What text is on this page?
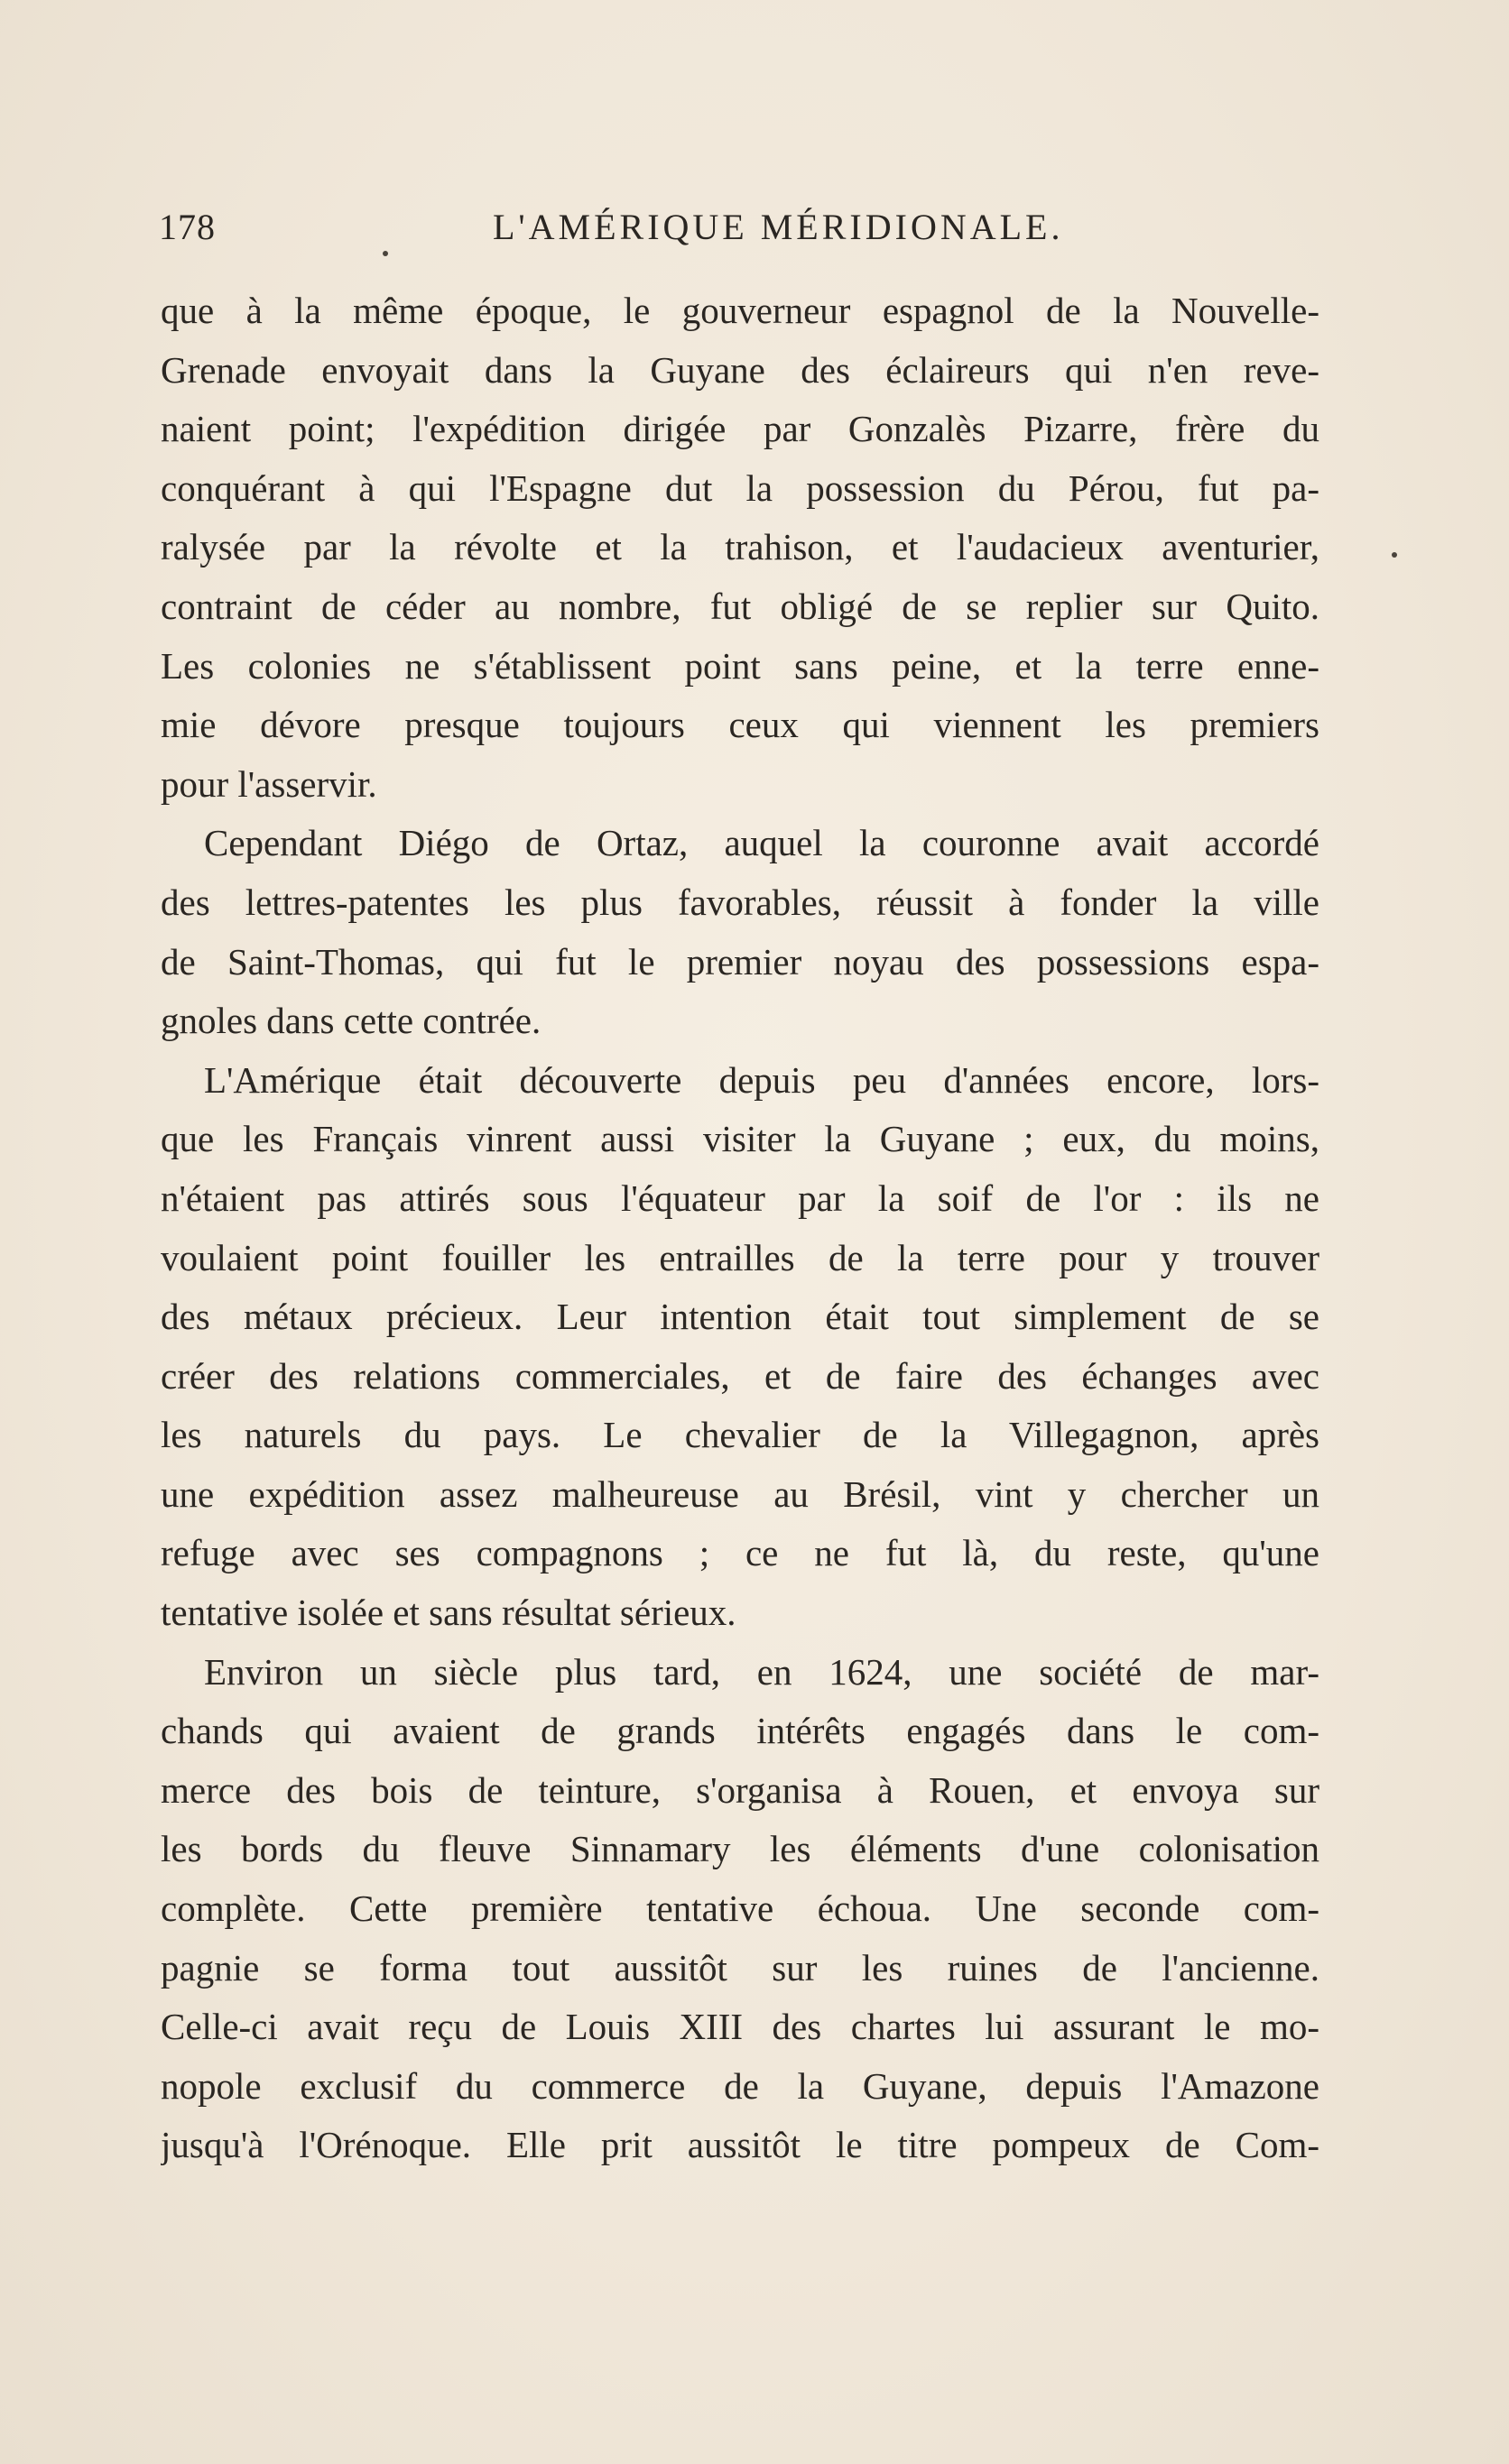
178	L'AMÉRIQUE MÉRIDIONALE.
que à la même époque, le gouverneur espagnol de la Nouvelle-
Grenade envoyait dans la Guyane des éclaireurs qui n'en reve-
naient point; l'expédition dirigée par Gonzalès Pizarre, frère du
conquérant à qui l'Espagne dut la possession du Pérou, fut pa-
ralysée par la révolte et la trahison, et l'audacieux aventurier,
contraint de céder au nombre, fut obligé de se replier sur Quito.
Les colonies ne s'établissent point sans peine, et la terre enne-
mie dévore presque toujours ceux qui viennent les premiers
pour l'asservir.
Cependant Diégo de Ortaz, auquel la couronne avait accordé
des lettres-patentes les plus favorables, réussit à fonder la ville
de Saint-Thomas, qui fut le premier noyau des possessions espa-
gnoles dans cette contrée.
L'Amérique était découverte depuis peu d'années encore, lors-
que les Français vinrent aussi visiter la Guyane ; eux, du moins,
n'étaient pas attirés sous l'équateur par la soif de l'or : ils ne
voulaient point fouiller les entrailles de la terre pour y trouver
des métaux précieux. Leur intention était tout simplement de se
créer des relations commerciales, et de faire des échanges avec
les naturels du pays. Le chevalier de la Villegagnon, après
une expédition assez malheureuse au Brésil, vint y chercher un
refuge avec ses compagnons ; ce ne fut là, du reste, qu'une
tentative isolée et sans résultat sérieux.
Environ un siècle plus tard, en 1624, une société de mar-
chands qui avaient de grands intérêts engagés dans le com-
merce des bois de teinture, s'organisa à Rouen, et envoya sur
les bords du fleuve Sinnamary les éléments d'une colonisation
complète. Cette première tentative échoua. Une seconde com-
pagnie se forma tout aussitôt sur les ruines de l'ancienne.
Celle-ci avait reçu de Louis XIII des chartes lui assurant le mo-
nopole exclusif du commerce de la Guyane, depuis l'Amazone
jusqu'à l'Orénoque. Elle prit aussitôt le titre pompeux de Com-
